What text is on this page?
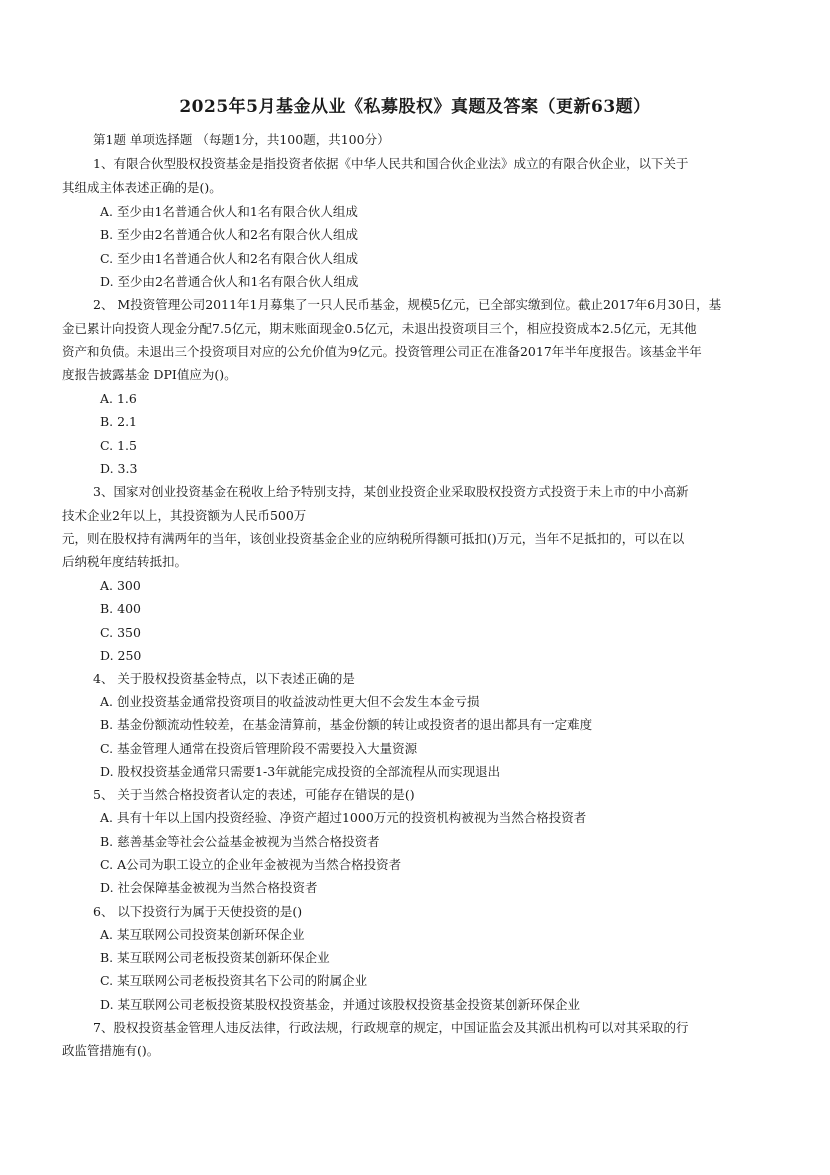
2025年5月基金从业《私募股权》真题及答案（更新63题）
第1题 单项选择题 （每题1分，共100题，共100分）
1、有限合伙型股权投资基金是指投资者依据《中华人民共和国合伙企业法》成立的有限合伙企业，以下关于
其组成主体表述正确的是()。
A. 至少由1名普通合伙人和1名有限合伙人组成
B. 至少由2名普通合伙人和2名有限合伙人组成
C. 至少由1名普通合伙人和2名有限合伙人组成
D. 至少由2名普通合伙人和1名有限合伙人组成
2、 M投资管理公司2011年1月募集了一只人民币基金，规模5亿元，已全部实缴到位。截止2017年6月30日，基
金已累计向投资人现金分配7.5亿元，期末账面现金0.5亿元，未退出投资项目三个，相应投资成本2.5亿元，无其他
资产和负债。未退出三个投资项目对应的公允价值为9亿元。投资管理公司正在准备2017年半年度报告。该基金半年
度报告披露基金 DPI值应为()。
A. 1.6
B. 2.1
C. 1.5
D. 3.3
3、国家对创业投资基金在税收上给予特别支持，某创业投资企业采取股权投资方式投资于未上市的中小高新
技术企业2年以上，其投资额为人民币500万
元，则在股权持有满两年的当年，该创业投资基金企业的应纳税所得额可抵扣()万元，当年不足抵扣的，可以在以
后纳税年度结转抵扣。
A. 300
B. 400
C. 350
D. 250
4、 关于股权投资基金特点，以下表述正确的是
A. 创业投资基金通常投资项目的收益波动性更大但不会发生本金亏损
B. 基金份额流动性较差，在基金清算前，基金份额的转让或投资者的退出都具有一定难度
C. 基金管理人通常在投资后管理阶段不需要投入大量资源
D. 股权投资基金通常只需要1-3年就能完成投资的全部流程从而实现退出
5、 关于当然合格投资者认定的表述，可能存在错误的是()
A. 具有十年以上国内投资经验、净资产超过1000万元的投资机构被视为当然合格投资者
B. 慈善基金等社会公益基金被视为当然合格投资者
C. A公司为职工设立的企业年金被视为当然合格投资者
D. 社会保障基金被视为当然合格投资者
6、 以下投资行为属于天使投资的是()
A. 某互联网公司投资某创新环保企业
B. 某互联网公司老板投资某创新环保企业
C. 某互联网公司老板投资其名下公司的附属企业
D. 某互联网公司老板投资某股权投资基金，并通过该股权投资基金投资某创新环保企业
7、股权投资基金管理人违反法律，行政法规，行政规章的规定，中国证监会及其派出机构可以对其采取的行
政监管措施有()。
